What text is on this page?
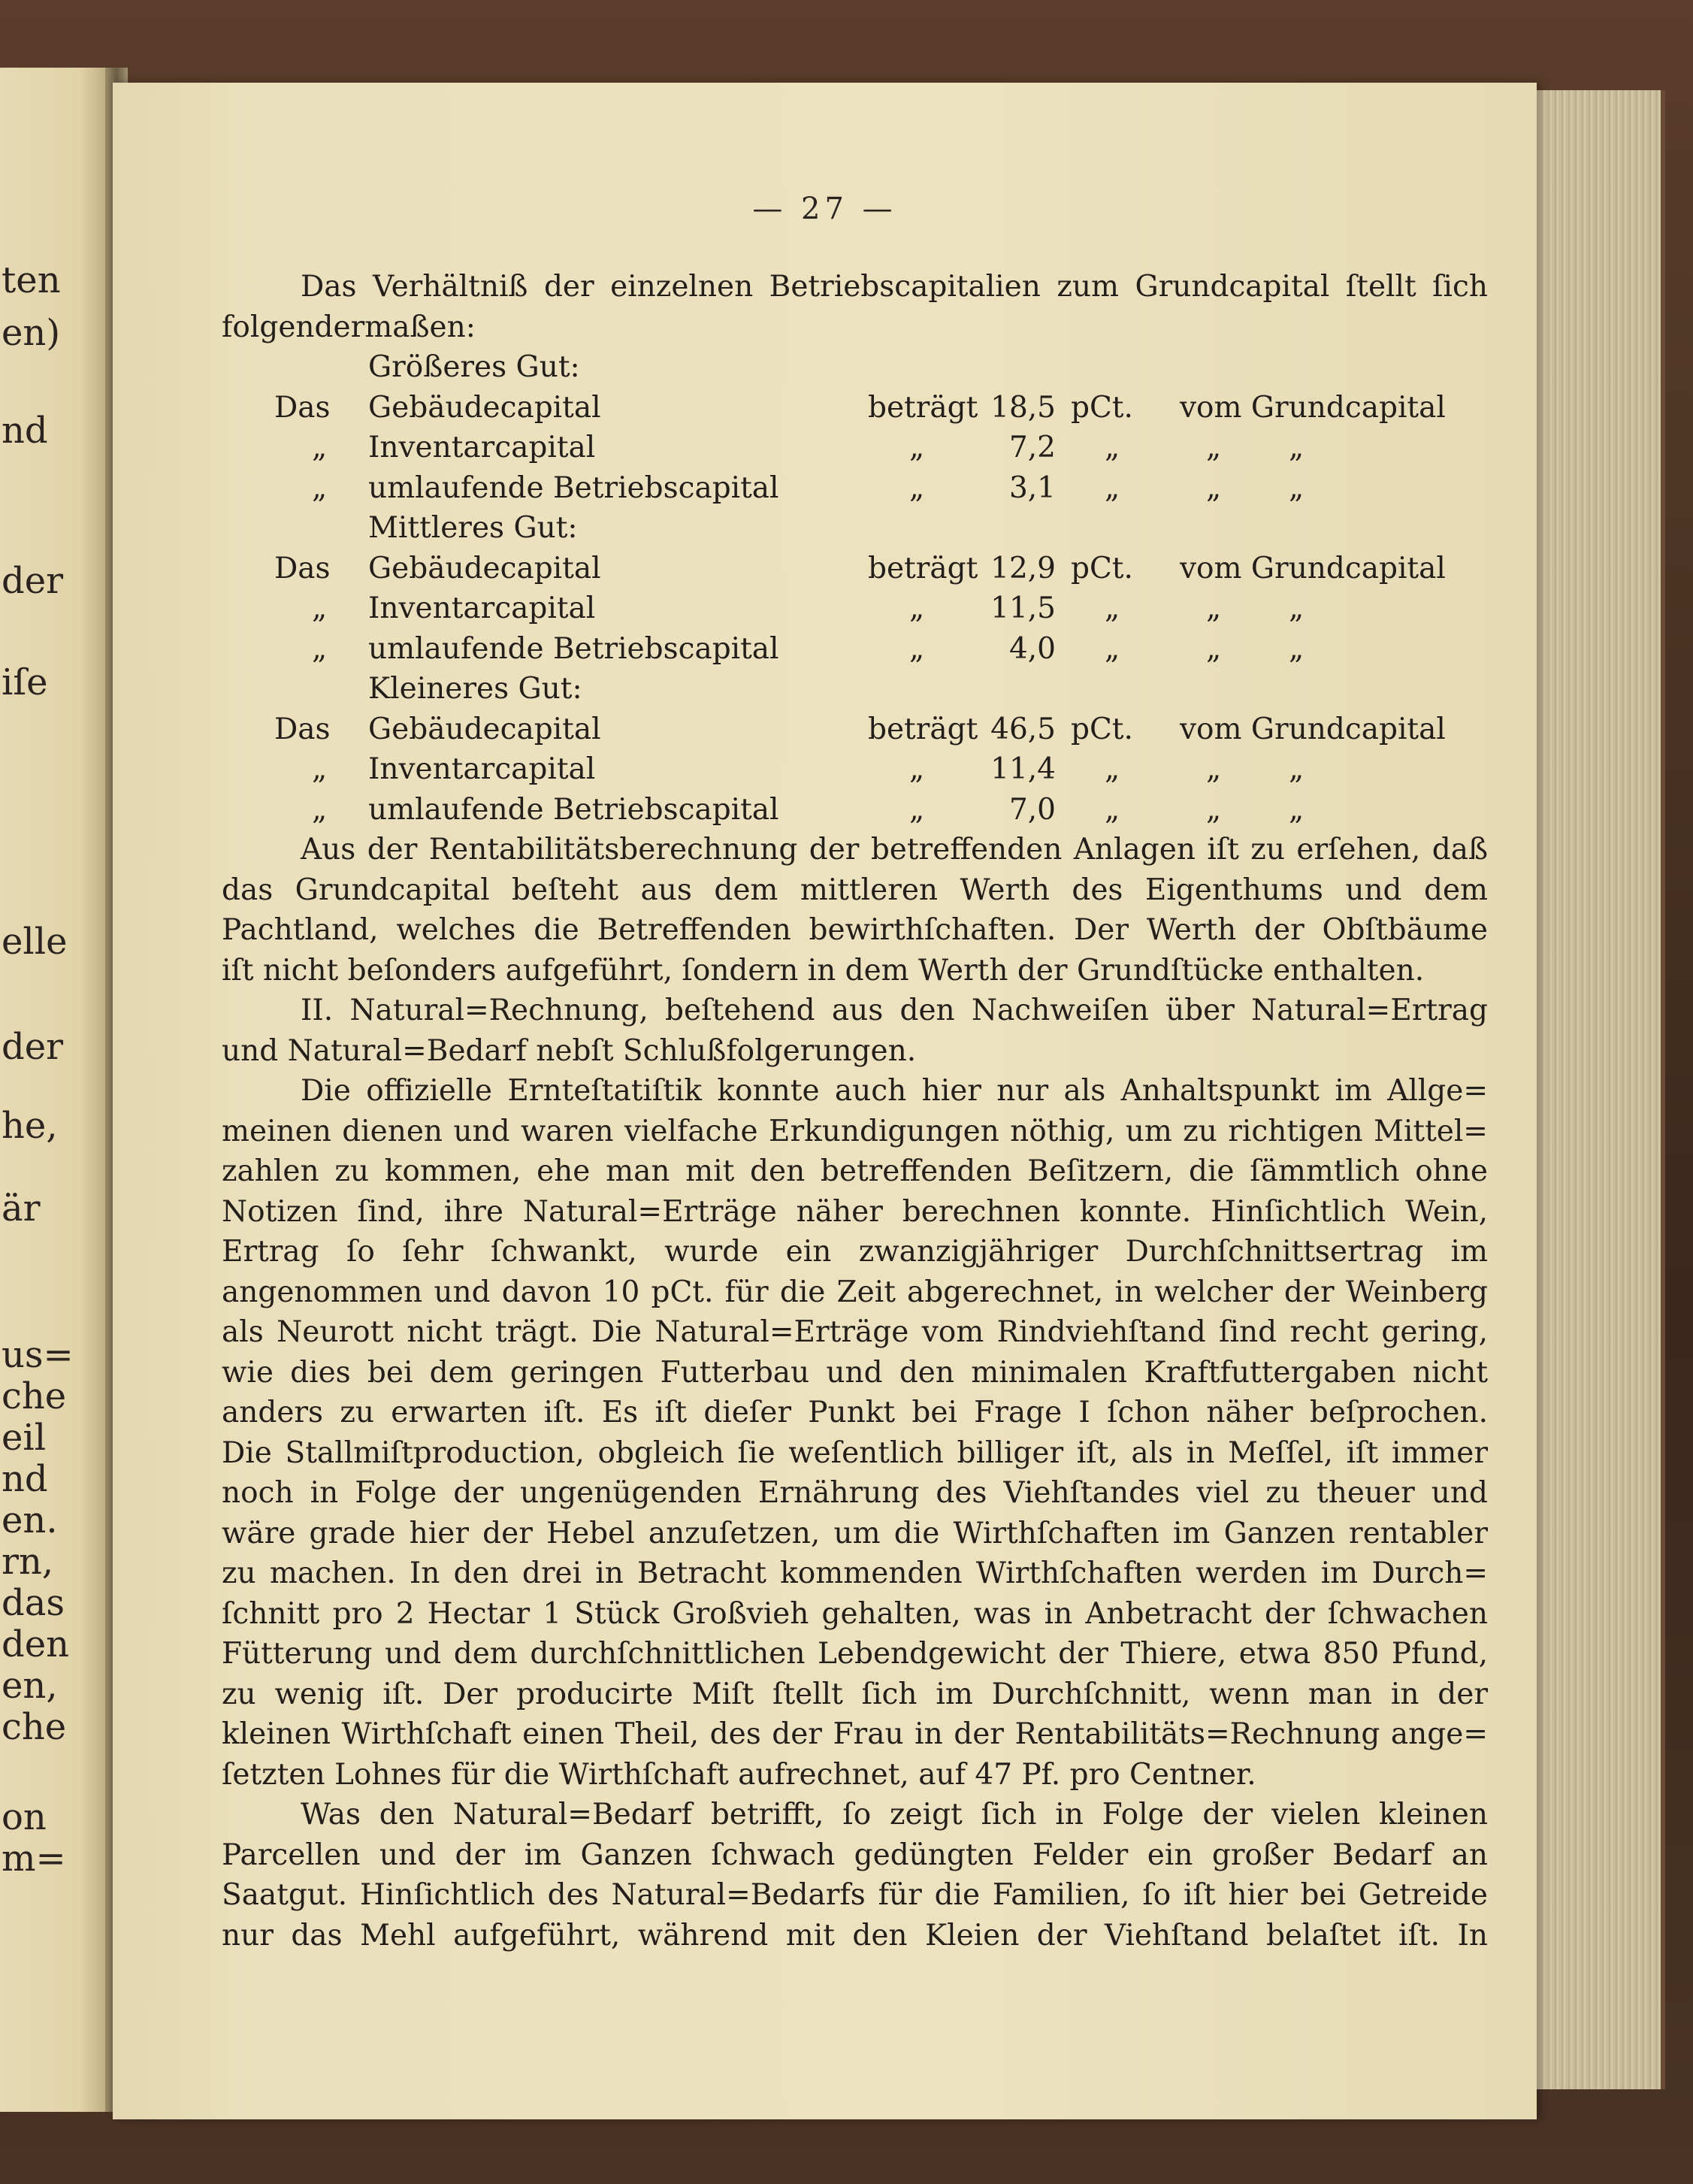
ten
en)
nd
der
iſe
elle
der
he,
är
us=
che
eil
nd
en.
rn,
das
den
en,
che
on
m=
— 27 —
Das Verhältniß der einzelnen Betriebscapitalien zum Grundcapital ſtellt ſich
folgendermaßen:
Größeres Gut:
Das Gebäudecapital	beträgt 18,5 pCt. vom Grundcapital
„ Inventarcapital	„	7,2 „	„ „
„ umlaufende Betriebscapital	„	3,1 „	„ „
Mittleres Gut:
Das Gebäudecapital	beträgt 12,9 pCt. vom Grundcapital
„ Inventarcapital	„	11,5 „	„ „
„ umlaufende Betriebscapital	„	4,0 „	„ „
Kleineres Gut:
Das Gebäudecapital	beträgt 46,5 pCt. vom Grundcapital
„ Inventarcapital	„	11,4 „	„ „
„ umlaufende Betriebscapital	„	7,0 „	„ „
Aus der Rentabilitätsberechnung der betreffenden Anlagen iſt zu erſehen, daß
das Grundcapital beſteht aus dem mittleren Werth des Eigenthums und dem
Pachtland, welches die Betreffenden bewirthſchaften. Der Werth der Obſtbäume
iſt nicht beſonders aufgeführt, ſondern in dem Werth der Grundſtücke enthalten.
II. Natural=Rechnung, beſtehend aus den Nachweiſen über Natural=Ertrag
und Natural=Bedarf nebſt Schlußfolgerungen.
Die offizielle Ernteſtatiſtik konnte auch hier nur als Anhaltspunkt im Allge=
meinen dienen und waren vielfache Erkundigungen nöthig, um zu richtigen Mittel=
zahlen zu kommen, ehe man mit den betreffenden Beſitzern, die ſämmtlich ohne
Notizen ſind, ihre Natural=Erträge näher berechnen konnte. Hinſichtlich Wein,
Ertrag ſo ſehr ſchwankt, wurde ein zwanzigjähriger Durchſchnittsertrag im
angenommen und davon 10 pCt. für die Zeit abgerechnet, in welcher der Weinberg
als Neurott nicht trägt. Die Natural=Erträge vom Rindviehſtand ſind recht gering,
wie dies bei dem geringen Futterbau und den minimalen Kraftfuttergaben nicht
anders zu erwarten iſt. Es iſt dieſer Punkt bei Frage I ſchon näher beſprochen.
Die Stallmiſtproduction, obgleich ſie weſentlich billiger iſt, als in Meſſel, iſt immer
noch in Folge der ungenügenden Ernährung des Viehſtandes viel zu theuer und
wäre grade hier der Hebel anzuſetzen, um die Wirthſchaften im Ganzen rentabler
zu machen. In den drei in Betracht kommenden Wirthſchaften werden im Durch=
ſchnitt pro 2 Hectar 1 Stück Großvieh gehalten, was in Anbetracht der ſchwachen
Fütterung und dem durchſchnittlichen Lebendgewicht der Thiere, etwa 850 Pfund,
zu wenig iſt. Der producirte Miſt ſtellt ſich im Durchſchnitt, wenn man in der
kleinen Wirthſchaft einen Theil, des der Frau in der Rentabilitäts=Rechnung ange=
ſetzten Lohnes für die Wirthſchaft aufrechnet, auf 47 Pf. pro Centner.
Was den Natural=Bedarf betrifft, ſo zeigt ſich in Folge der vielen kleinen
Parcellen und der im Ganzen ſchwach gedüngten Felder ein großer Bedarf an
Saatgut. Hinſichtlich des Natural=Bedarfs für die Familien, ſo iſt hier bei Getreide
nur das Mehl aufgeführt, während mit den Kleien der Viehſtand belaſtet iſt. In
